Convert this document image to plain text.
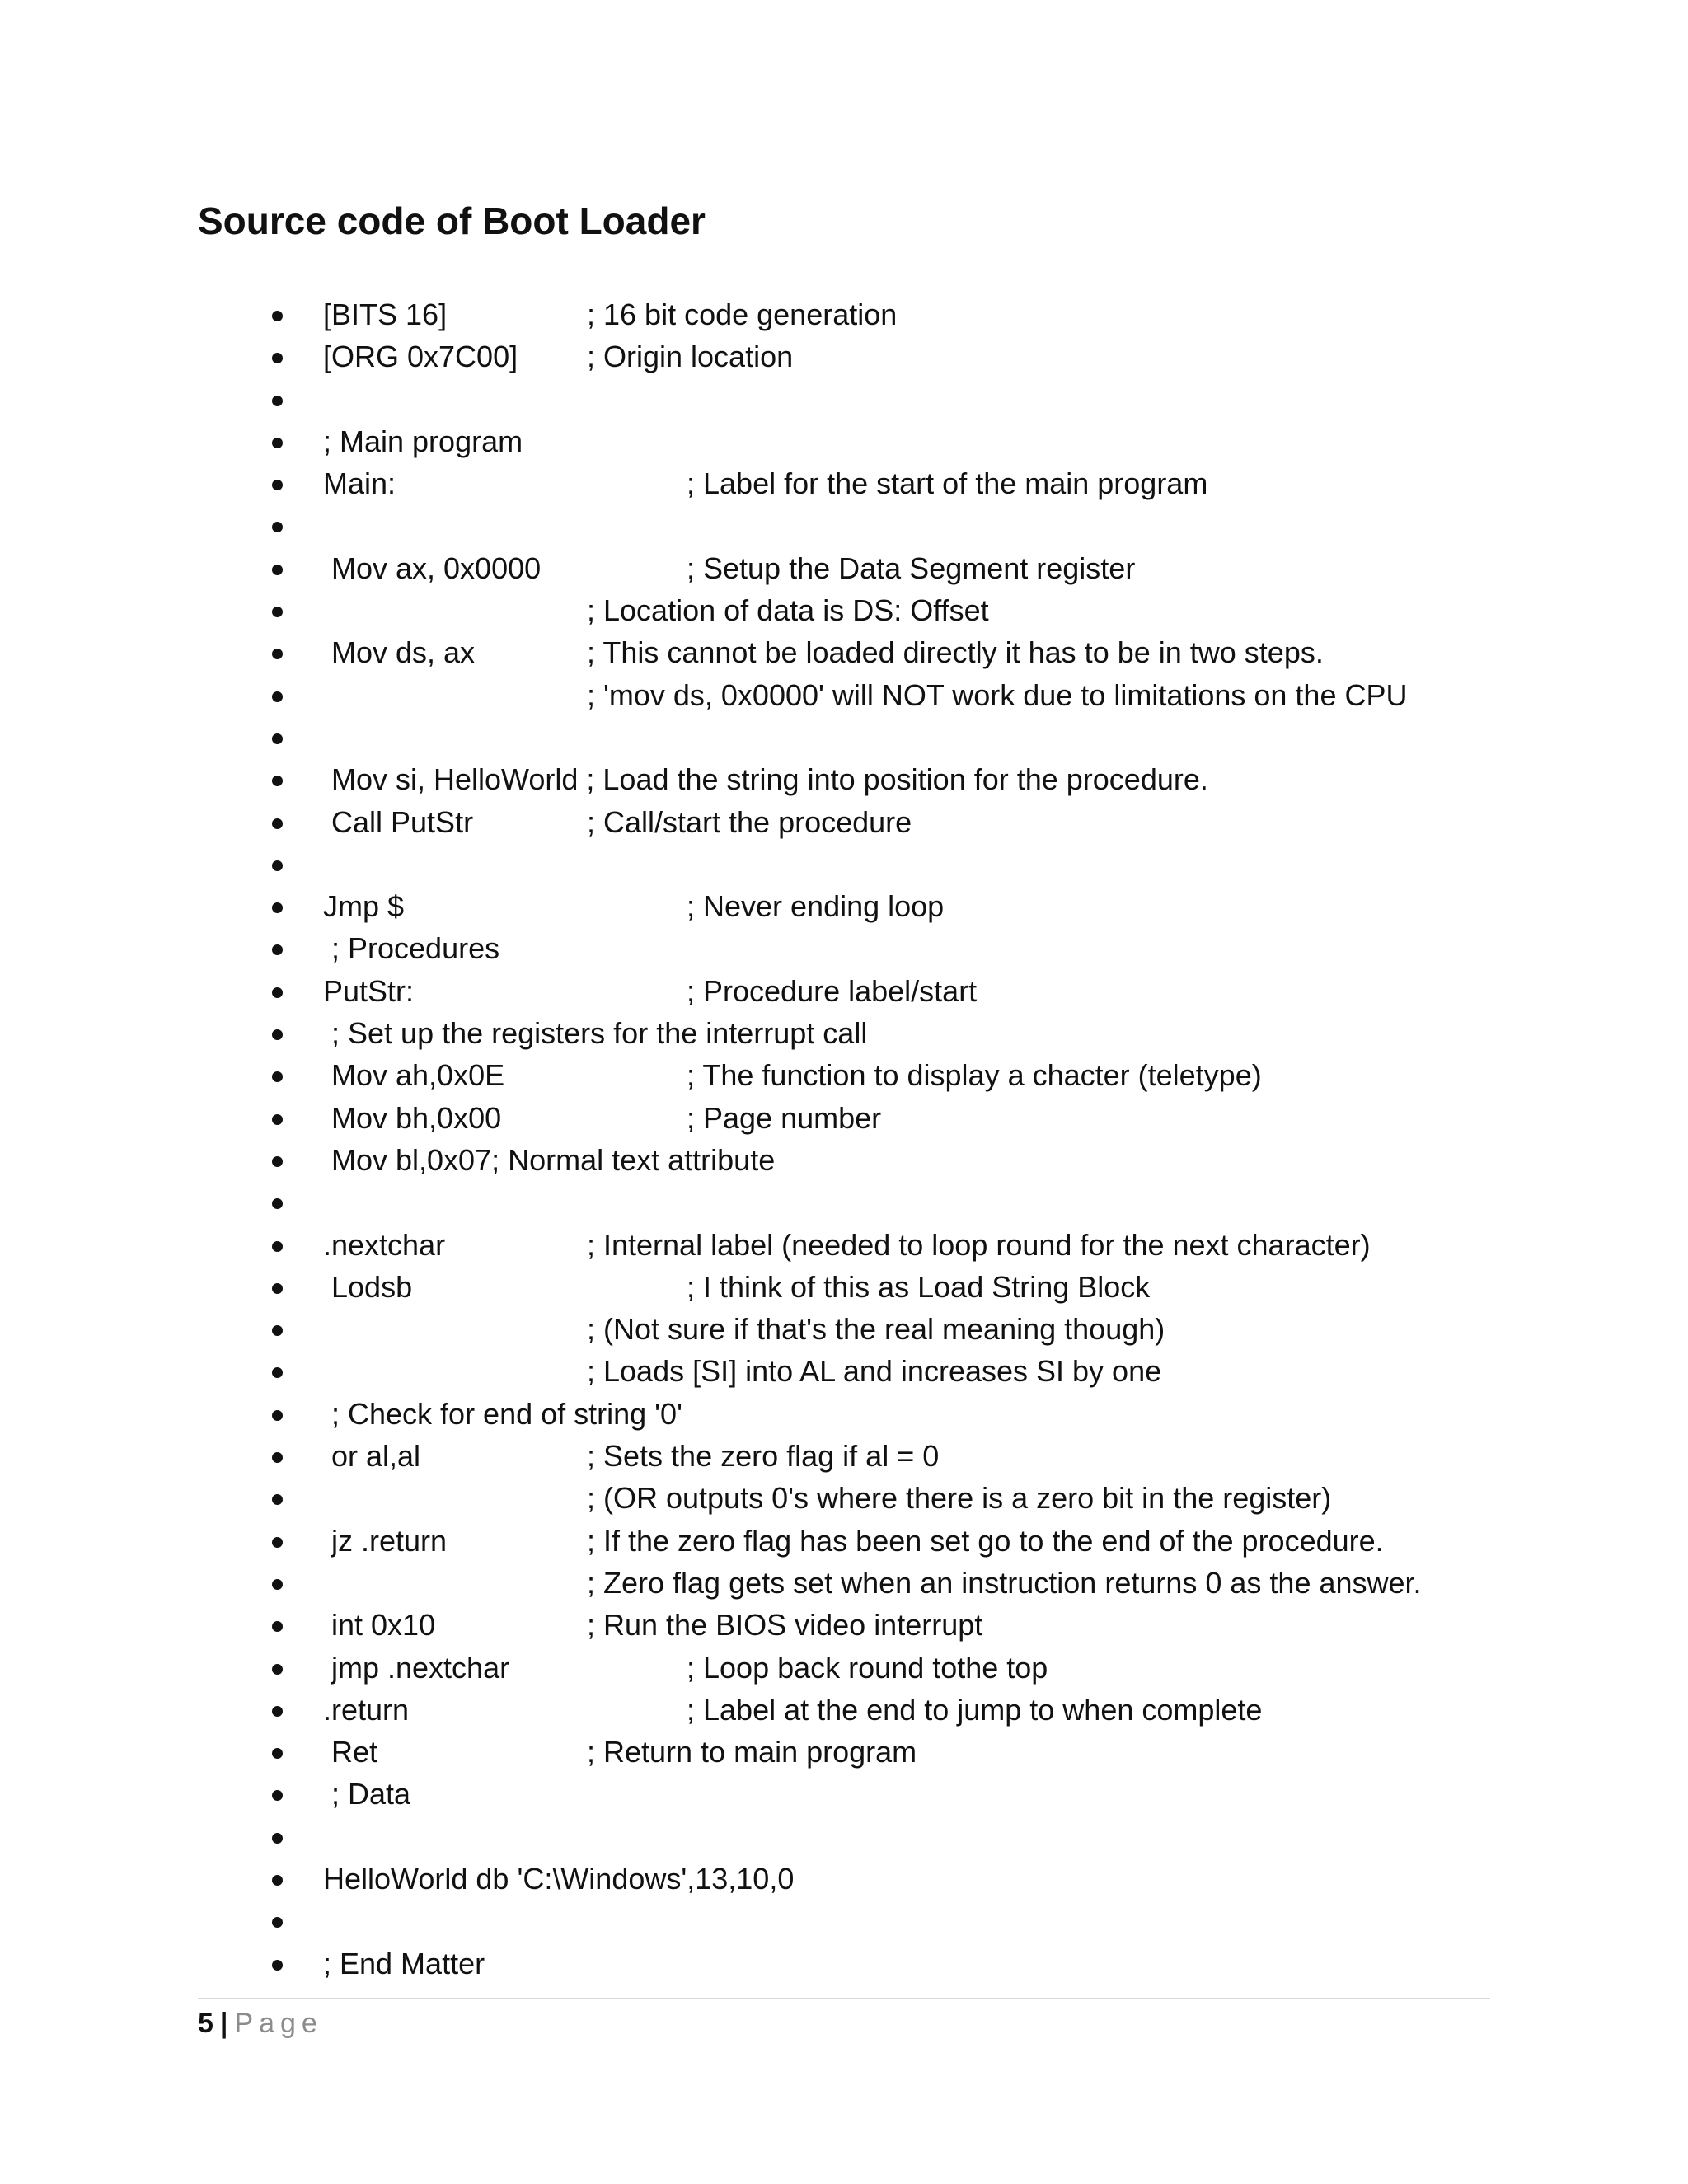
Source code of Boot Loader
[BITS 16]	; 16 bit code generation
[ORG 0x7C00] ; Origin location
; Main program
Main:	; Label for the start of the main program
Mov ax, 0x0000	; Setup the Data Segment register
; Location of data is DS: Offset
Mov ds, ax	; This cannot be loaded directly it has to be in two steps.
; 'mov ds, 0x0000' will NOT work due to limitations on the CPU
Mov si, HelloWorld ; Load the string into position for the procedure.
Call PutStr	; Call/start the procedure
Jmp $	; Never ending loop
; Procedures
PutStr:	; Procedure label/start
; Set up the registers for the interrupt call
Mov ah,0x0E	; The function to display a chacter (teletype)
Mov bh,0x00	; Page number
Mov bl,0x07; Normal text attribute
.nextchar	; Internal label (needed to loop round for the next character)
Lodsb	; I think of this as Load String Block
; (Not sure if that's the real meaning though)
; Loads [SI] into AL and increases SI by one
; Check for end of string '0'
or al,al	; Sets the zero flag if al = 0
; (OR outputs 0's where there is a zero bit in the register)
jz .return	; If the zero flag has been set go to the end of the procedure.
; Zero flag gets set when an instruction returns 0 as the answer.
int 0x10	; Run the BIOS video interrupt
jmp .nextchar	; Loop back round tothe top
.return	; Label at the end to jump to when complete
Ret	; Return to main program
; Data
HelloWorld db 'C:\Windows',13,10,0
; End Matter
5 | Page
